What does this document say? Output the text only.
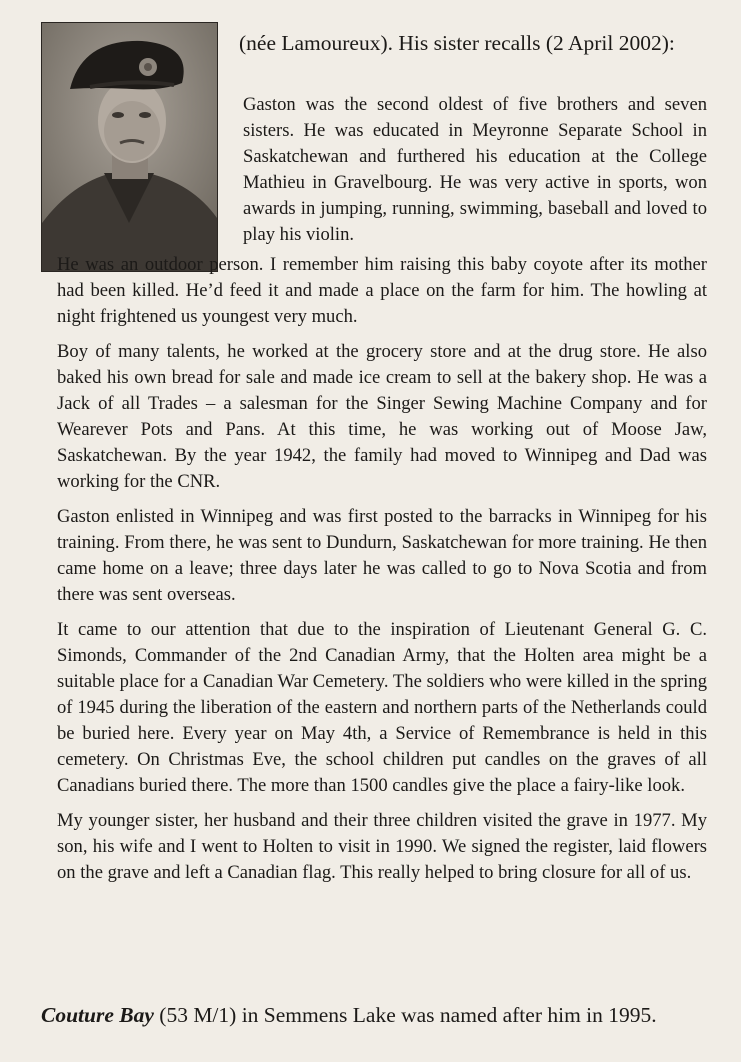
(née Lamoureux). His sister recalls (2 April 2002):

Gaston was the second oldest of five brothers and seven sisters. He was educated in Meyronne Separate School in Saskatchewan and furthered his education at the College Mathieu in Gravelbourg. He was very active in sports, won awards in jumping, running, swimming, baseball and loved to play his violin.

He was an outdoor person. I remember him raising this baby coyote after its mother had been killed. He’d feed it and made a place on the farm for him. The howling at night frightened us youngest very much.

Boy of many talents, he worked at the grocery store and at the drug store. He also baked his own bread for sale and made ice cream to sell at the bakery shop. He was a Jack of all Trades – a salesman for the Singer Sewing Machine Company and for Wearever Pots and Pans. At this time, he was working out of Moose Jaw, Saskatchewan. By the year 1942, the family had moved to Winnipeg and Dad was working for the CNR.

Gaston enlisted in Winnipeg and was first posted to the barracks in Winnipeg for his training. From there, he was sent to Dundurn, Saskatchewan for more training. He then came home on a leave; three days later he was called to go to Nova Scotia and from there was sent overseas.

It came to our attention that due to the inspiration of Lieutenant General G. C. Simonds, Commander of the 2nd Canadian Army, that the Holten area might be a suitable place for a Canadian War Cemetery. The soldiers who were killed in the spring of 1945 during the liberation of the eastern and northern parts of the Netherlands could be buried here. Every year on May 4th, a Service of Remembrance is held in this cemetery. On Christmas Eve, the school children put candles on the graves of all Canadians buried there. The more than 1500 candles give the place a fairy-like look.

My younger sister, her husband and their three children visited the grave in 1977. My son, his wife and I went to Holten to visit in 1990. We signed the register, laid flowers on the grave and left a Canadian flag. This really helped to bring closure for all of us.

Couture Bay (53 M/1) in Semmens Lake was named after him in 1995.
